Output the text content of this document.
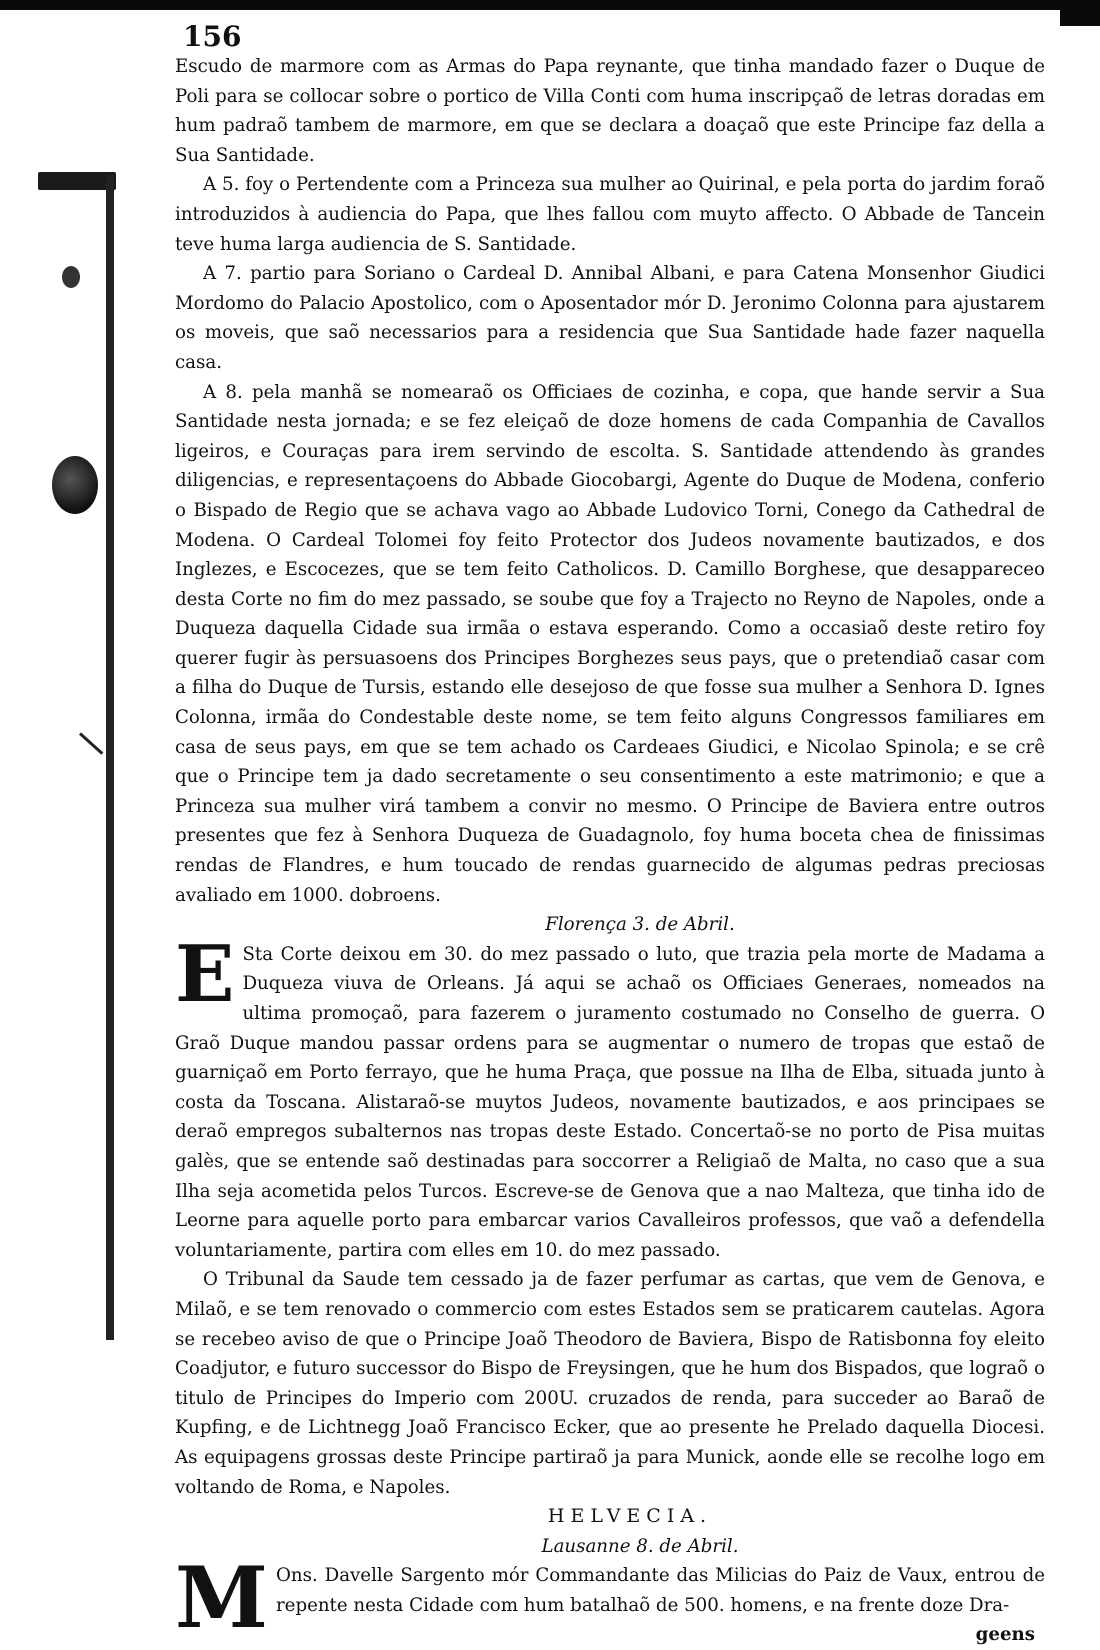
156

Escudo de marmore com as Armas do Papa reynante, que tinha mandado fazer o Duque de Poli para se collocar sobre o portico de Villa Conti com huma inscripçaõ de letras doradas em hum padraõ tambem de marmore, em que se declara a doaçaõ que este Principe faz della a Sua Santidade.

A 5. foy o Pertendente com a Princeza sua mulher ao Quirinal, e pela porta do jardim foraõ introduzidos à audiencia do Papa, que lhes fallou com muyto affecto. O Abbade de Tancein teve huma larga audiencia de S. Santidade.

A 7. partio para Soriano o Cardeal D. Annibal Albani, e para Catena Monsenhor Giudici Mordomo do Palacio Apostolico, com o Aposentador mór D. Jeronimo Colonna para ajustarem os moveis, que saõ necessarios para a residencia que Sua Santidade hade fazer naquella casa.

A 8. pela manhã se nomearaõ os Officiaes de cozinha, e copa, que hande servir a Sua Santidade nesta jornada; e se fez eleiçaõ de doze homens de cada Companhia de Cavallos ligeiros, e Couraças para irem servindo de escolta. S. Santidade attendendo às grandes diligencias, e representaçoens do Abbade Giocobargi, Agente do Duque de Modena, conferio o Bispado de Regio que se achava vago ao Abbade Ludovico Torni, Conego da Cathedral de Modena. O Cardeal Tolomei foy feito Protector dos Judeos novamente bautizados, e dos Inglezes, e Escocezes, que se tem feito Catholicos. D. Camillo Borghese, que desappareceo desta Corte no fim do mez passado, se soube que foy a Trajecto no Reyno de Napoles, onde a Duqueza daquella Cidade sua irmãa o estava esperando. Como a occasiaõ deste retiro foy querer fugir às persuasoens dos Principes Borghezes seus pays, que o pretendiaõ casar com a filha do Duque de Tursis, estando elle desejoso de que fosse sua mulher a Senhora D. Ignes Colonna, irmãa do Condestable deste nome, se tem feito alguns Congressos familiares em casa de seus pays, em que se tem achado os Cardeaes Giudici, e Nicolao Spinola; e se crê que o Principe tem ja dado secretamente o seu consentimento a este matrimonio; e que a Princeza sua mulher virá tambem a convir no mesmo. O Principe de Baviera entre outros presentes que fez à Senhora Duqueza de Guadagnolo, foy huma boceta chea de finissimas rendas de Flandres, e hum toucado de rendas guarnecido de algumas pedras preciosas avaliado em 1000. dobroens.

Florença 3. de Abril.

E Sta Corte deixou em 30. do mez passado o luto, que trazia pela morte de Madama a Duqueza viuva de Orleans. Já aqui se achaõ os Officiaes Generaes, nomeados na ultima promoçaõ, para fazerem o juramento costumado no Conselho de guerra. O Graõ Duque mandou passar ordens para se augmentar o numero de tropas que estaõ de guarniçaõ em Porto ferrayo, que he huma Praça, que possue na Ilha de Elba, situada junto à costa da Toscana. Alistaraõ-se muytos Judeos, novamente bautizados, e aos principaes se deraõ empregos subalternos nas tropas deste Estado. Concertaõ-se no porto de Pisa muitas galès, que se entende saõ destinadas para soccorrer a Religiaõ de Malta, no caso que a sua Ilha seja acometida pelos Turcos. Escreve-se de Genova que a nao Malteza, que tinha ido de Leorne para aquelle porto para embarcar varios Cavalleiros professos, que vaõ a defendella voluntariamente, partira com elles em 10. do mez passado.

O Tribunal da Saude tem cessado ja de fazer perfumar as cartas, que vem de Genova, e Milaõ, e se tem renovado o commercio com estes Estados sem se praticarem cautelas. Agora se recebeo aviso de que o Principe Joaõ Theodoro de Baviera, Bispo de Ratisbonna foy eleito Coadjutor, e futuro successor do Bispo de Freysingen, que he hum dos Bispados, que lograõ o titulo de Principes do Imperio com 200U. cruzados de renda, para succeder ao Baraõ de Kupfing, e de Lichtnegg Joaõ Francisco Ecker, que ao presente he Prelado daquella Diocesi. As equipagens grossas deste Principe partiraõ ja para Munick, aonde elle se recolhe logo em voltando de Roma, e Napoles.

HELVECIA.

Lausanne 8. de Abril.

M Ons. Davelle Sargento mór Commandante das Milicias do Paiz de Vaux, entrou de repente nesta Cidade com hum batalhaõ de 500. homens, e na frente doze Dra-

geens
